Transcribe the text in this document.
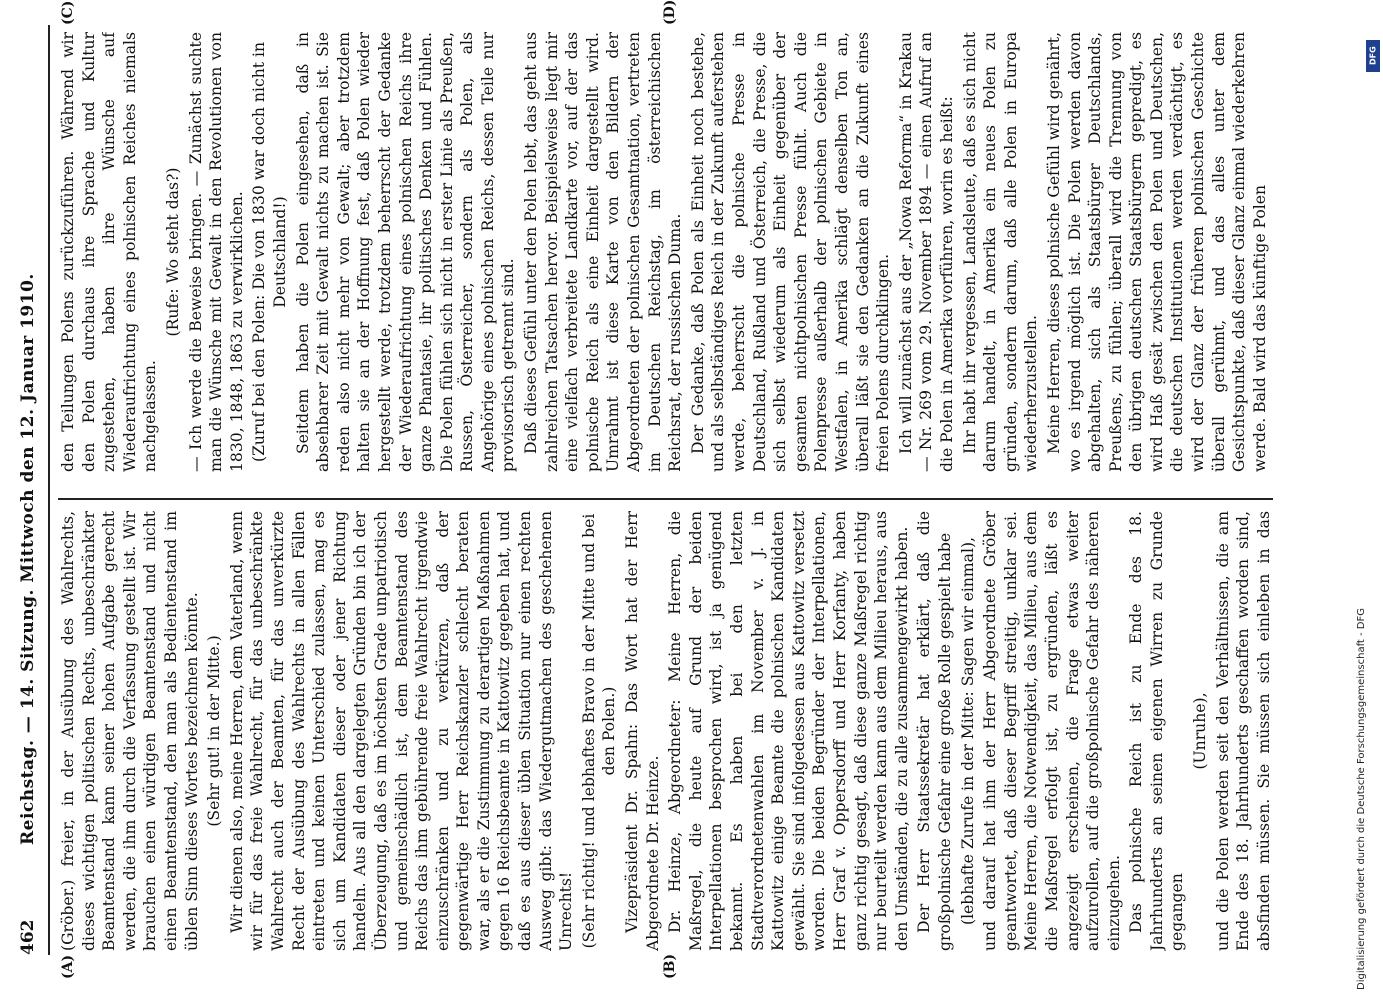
462
Reichstag. — 14. Sitzung. Mittwoch den 12. Januar 1910.
(A)	(B)
(C)	(D)

(Gröber.) freier, in der Ausübung des Wahlrechts, dieses wichtigen politischen Rechts, unbeschränkter Beamtenstand kann seiner hohen Aufgabe gerecht werden, die ihm durch die Verfassung gestellt ist. Wir brauchen einen würdigen Beamtenstand und nicht einen Beamtenstand, den man als Bedientenstand im üblen Sinn dieses Wortes bezeichnen könnte. (Sehr gut! in der Mitte.) Wir dienen also, meine Herren, dem Vaterland, wenn wir für das freie Wahlrecht, für das unbeschränkte Wahlrecht auch der Beamten, für das unverkürzte Recht der Ausübung des Wahlrechts in allen Fällen eintreten und keinen Unterschied zulassen, mag es sich um Kandidaten dieser oder jener Richtung handeln. Aus all den dargelegten Gründen bin ich der Überzeugung, daß es im höchsten Grade unpatriotisch und gemeinschädlich ist, dem Beamtenstand des Reichs das ihm gebührende freie Wahlrecht irgendwie einzuschränken und zu verkürzen, daß der gegenwärtige Herr Reichskanzler schlecht beraten war, als er die Zustimmung zu derartigen Maßnahmen gegen 16 Reichsbeamte in Kattowitz gegeben hat, und daß es aus dieser üblen Situation nur einen rechten Ausweg gibt: das Wiedergutmachen des geschehenen Unrechts! (Sehr richtig! und lebhaftes Bravo in der Mitte und bei den Polen.) Vizepräsident Dr. Spahn: Das Wort hat der Herr Abgeordnete Dr. Heinze. Dr. Heinze, Abgeordneter: Meine Herren, die Maßregel, die heute auf Grund der beiden Interpellationen besprochen wird, ist ja genügend bekannt. Es haben bei den letzten Stadtverordnetenwahlen im November v. J. in Kattowitz einige Beamte die polnischen Kandidaten gewählt. Sie sind infolgedessen aus Kattowitz versetzt worden. Die beiden Begründer der Interpellationen, Herr Graf v. Oppersdorff und Herr Korfanty, haben ganz richtig gesagt, daß diese ganze Maßregel richtig nur beurteilt werden kann aus dem Milieu heraus, aus den Umständen, die zu alle zusammengewirkt haben. Der Herr Staatssekretär hat erklärt, daß die großpolnische Gefahr eine große Rolle gespielt habe (lebhafte Zurufe in der Mitte: Sagen wir einmal), und darauf hat ihm der Herr Abgeordnete Gröber geantwortet, daß dieser Begriff streitig, unklar sei. Meine Herren, die Notwendigkeit, das Milieu, aus dem die Maßregel erfolgt ist, zu ergründen, läßt es angezeigt erscheinen, die Frage etwas weiter aufzurollen, auf die großpolnische Gefahr des näheren einzugehen. Das polnische Reich ist zu Ende des 18. Jahrhunderts an seinen eigenen Wirren zu Grunde gegangen

(Unruhe),

und die Polen werden seit den Verhältnissen, die am Ende des 18. Jahrhunderts geschaffen worden sind, absfinden müssen. Sie müssen sich einleben in das

den Teilungen Polens zurückzuführen. Während wir den Polen durchaus ihre Sprache und Kultur zugestehen, haben ihre Wünsche auf Wiederaufrichtung eines polnischen Reiches niemals nachgelassen.

(Rufe: Wo steht das?) — Ich werde die Beweise bringen. — Zunächst suchte man die Wünsche mit Gewalt in den Revolutionen von 1830, 1848, 1863 zu verwirklichen. (Zuruf bei den Polen: Die von 1830 war doch nicht in Deutschland!) Seitdem haben die Polen eingesehen, daß in absehbarer Zeit mit Gewalt nichts zu machen ist. Sie reden also nicht mehr von Gewalt; aber trotzdem halten sie an der Hoffnung fest, daß Polen wieder hergestellt werde, trotzdem beherrscht der Gedanke der Wiederaufrichtung eines polnischen Reichs ihre ganze Phantasie, ihr politisches Denken und Fühlen. Die Polen fühlen sich nicht in erster Linie als Preußen, Russen, Österreicher, sondern als Polen, als Angehörige eines polnischen Reichs, dessen Teile nur provisorisch getrennt sind. Daß dieses Gefühl unter den Polen lebt, das geht aus zahlreichen Tatsachen hervor. Beispielsweise liegt mir eine vielfach verbreitete Landkarte vor, auf der das polnische Reich als eine Einheit dargestellt wird. Umrahmt ist diese Karte von den Bildern der Abgeordneten der polnischen Gesamtnation, vertreten im Deutschen Reichstag, im österreichischen Reichsrat, der russischen Duma. Der Gedanke, daß Polen als Einheit noch bestehe, und als selbständiges Reich in der Zukunft auferstehen werde, beherrscht die polnische Presse in Deutschland, Rußland und Österreich, die Presse, die sich selbst wiederum als Einheit gegenüber der gesamten nichtpolnischen Presse fühlt. Auch die Polenpresse außerhalb der polnischen Gebiete in Westfalen, in Amerika schlägt denselben Ton an, überall läßt sie den Gedanken an die Zukunft eines freien Polens durchklingen. Ich will zunächst aus der „Nowa Reforma“ in Krakau — Nr. 269 vom 29. November 1894 — einen Aufruf an die Polen in Amerika vorführen, worin es heißt: Ihr habt ihr vergessen, Landsleute, daß es sich nicht darum handelt, in Amerika ein neues Polen zu gründen, sondern darum, daß alle Polen in Europa wiederherzustellen. Meine Herren, dieses polnische Gefühl wird genährt, wo es irgend möglich ist. Die Polen werden davon abgehalten, sich als Staatsbürger Deutschlands, Preußens, zu fühlen; überall wird die Trennung von den übrigen deutschen Staatsbürgern gepredigt, es wird Haß gesät zwischen den Polen und Deutschen, die deutschen Institutionen werden verdächtigt, es wird der Glanz der früheren polnischen Geschichte überall gerühmt, und das alles unter dem Gesichtspunkte, daß dieser Glanz einmal wiederkehren werde. Bald wird das künftige Polen

DFG
Digitalisierung gefördert durch die Deutsche Forschungsgemeinschaft - DFG
